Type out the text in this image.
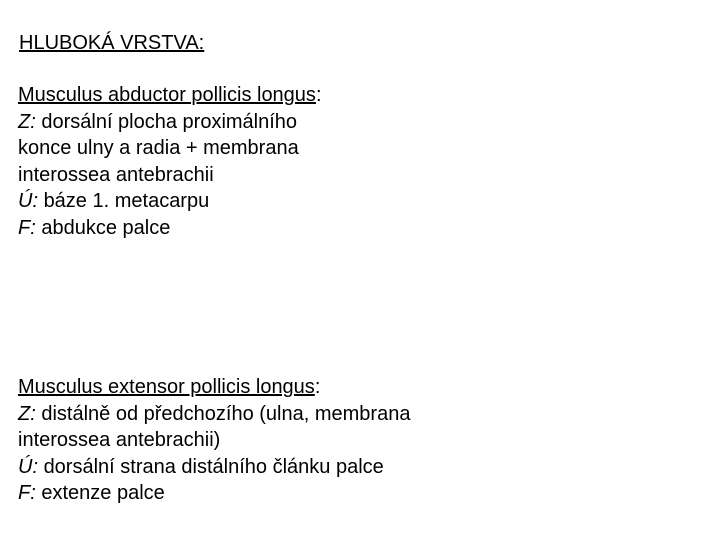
HLUBOKÁ VRSTVA:
Musculus abductor pollicis longus:
Z: dorsální plocha proximálního
konce ulny a radia + membrana
interossea antebrachii
Ú: báze 1. metacarpu
F: abdukce palce
Musculus extensor pollicis longus:
Z: distálně od předchozího (ulna, membrana
interossea antebrachii)
Ú: dorsální strana distálního článku palce
F: extenze palce
